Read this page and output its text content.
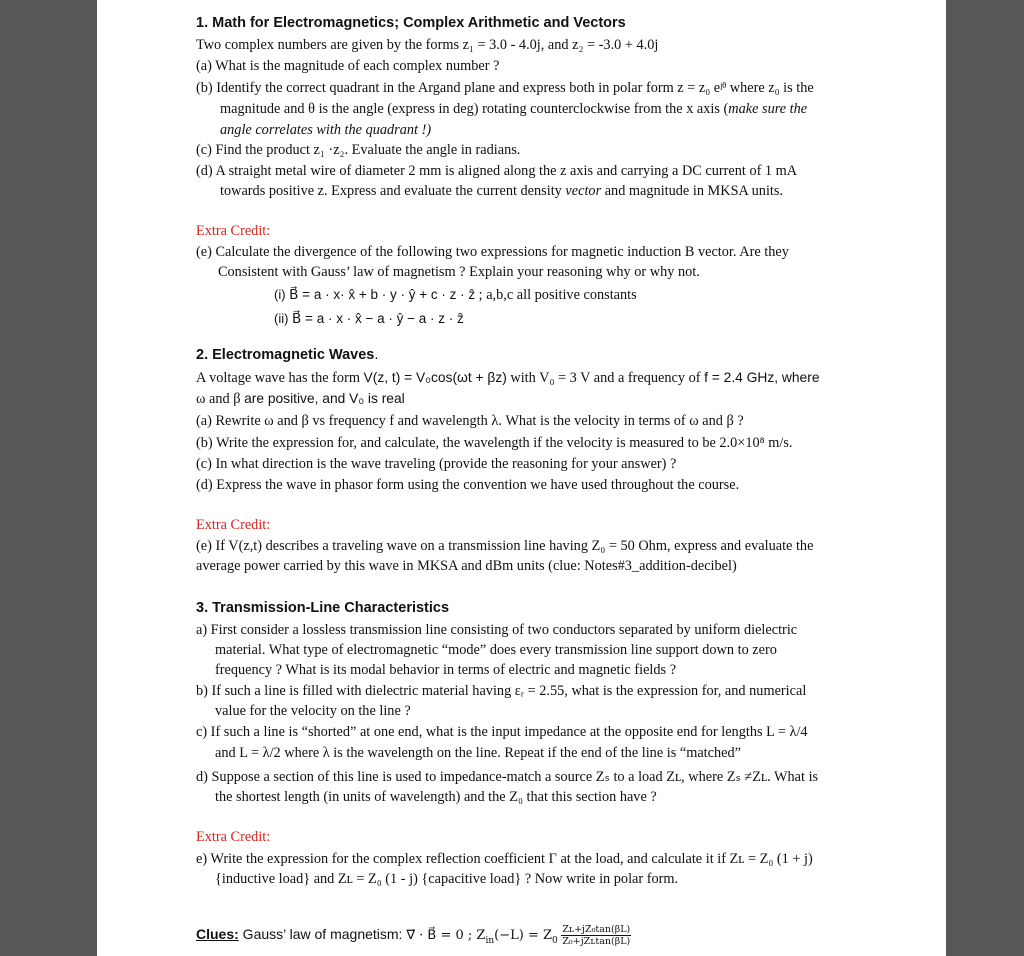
1. Math for Electromagnetics; Complex Arithmetic and Vectors
Two complex numbers are given by the forms z₁ = 3.0 - 4.0j, and z₂ = -3.0 + 4.0j
(a) What is the magnitude of each complex number ?
(b) Identify the correct quadrant in the Argand plane and express both in polar form z = z₀ eʲᶿ where z₀ is the
magnitude and θ is the angle (express in deg) rotating counterclockwise from the x axis (make sure the
angle correlates with the quadrant !)
(c) Find the product z₁ ·z₂. Evaluate the angle in radians.
(d) A straight metal wire of diameter 2 mm is aligned along the z axis and carrying a DC current of 1 mA
towards positive z. Express and evaluate the current density vector and magnitude in MKSA units.
Extra Credit:
(e) Calculate the divergence of the following two expressions for magnetic induction B vector. Are they
Consistent with Gauss’ law of magnetism ? Explain your reasoning why or why not.
(i) B⃗ = a · x· x̂ + b · y · ŷ + c · z · ẑ ; a,b,c all positive constants
(ii) B⃗ = a · x · x̂ − a · ŷ − a · z · ẑ
2. Electromagnetic Waves.
A voltage wave has the form V(z, t) = V₀cos(ωt + βz) with V₀ = 3 V and a frequency of f = 2.4 GHz, where
ω and β are positive, and V₀ is real
(a) Rewrite ω and β vs frequency f and wavelength λ. What is the velocity in terms of ω and β ?
(b) Write the expression for, and calculate, the wavelength if the velocity is measured to be 2.0×10⁸ m/s.
(c) In what direction is the wave traveling (provide the reasoning for your answer) ?
(d) Express the wave in phasor form using the convention we have used throughout the course.
Extra Credit:
(e) If V(z,t) describes a traveling wave on a transmission line having Z₀ = 50 Ohm, express and evaluate the
average power carried by this wave in MKSA and dBm units (clue: Notes#3_addition-decibel)
3. Transmission-Line Characteristics
a) First consider a lossless transmission line consisting of two conductors separated by uniform dielectric
material. What type of electromagnetic “mode” does every transmission line support down to zero
frequency ? What is its modal behavior in terms of electric and magnetic fields ?
b) If such a line is filled with dielectric material having εᵣ = 2.55, what is the expression for, and numerical
value for the velocity on the line ?
c) If such a line is “shorted” at one end, what is the input impedance at the opposite end for lengths L = λ/4
and L = λ/2 where λ is the wavelength on the line. Repeat if the end of the line is “matched”
d) Suppose a section of this line is used to impedance-match a source Zₛ to a load Zʟ, where Zₛ ≠Zʟ. What is
the shortest length (in units of wavelength) and the Z₀ that this section have ?
Extra Credit:
e) Write the expression for the complex reflection coefficient Γ at the load, and calculate it if Zʟ = Z₀ (1 + j)
{inductive load} and Zʟ = Z₀ (1 - j) {capacitive load} ? Now write in polar form.
Clues: Gauss’ law of magnetism: ∇⃗ · B⃗ = 0 ; $Z_{in}(-L) = Z_0 \frac{\text{Zʟ+jZ₀tan(βL)}}{\text{Z₀+jZʟtan(βL)}}$
